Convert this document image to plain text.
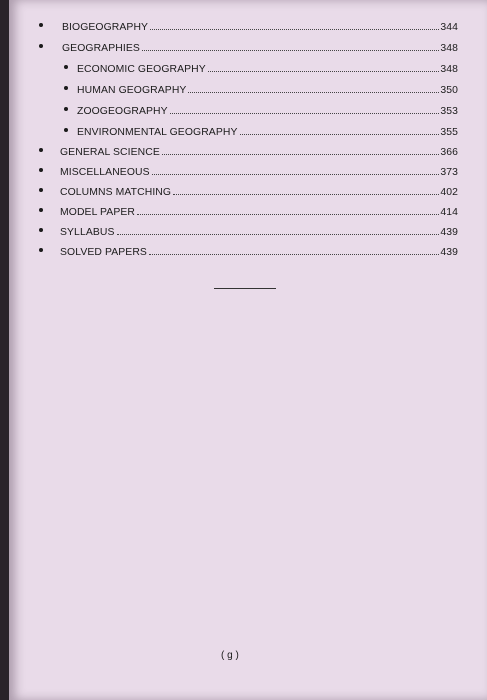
BIOGEOGRAPHY	344
GEOGRAPHIES	348
ECONOMIC GEOGRAPHY	348
HUMAN GEOGRAPHY	350
ZOOGEOGRAPHY	353
ENVIRONMENTAL GEOGRAPHY	355
GENERAL SCIENCE	366
MISCELLANEOUS	373
COLUMNS MATCHING	402
MODEL PAPER	414
SYLLABUS	439
SOLVED PAPERS	439
( g )
